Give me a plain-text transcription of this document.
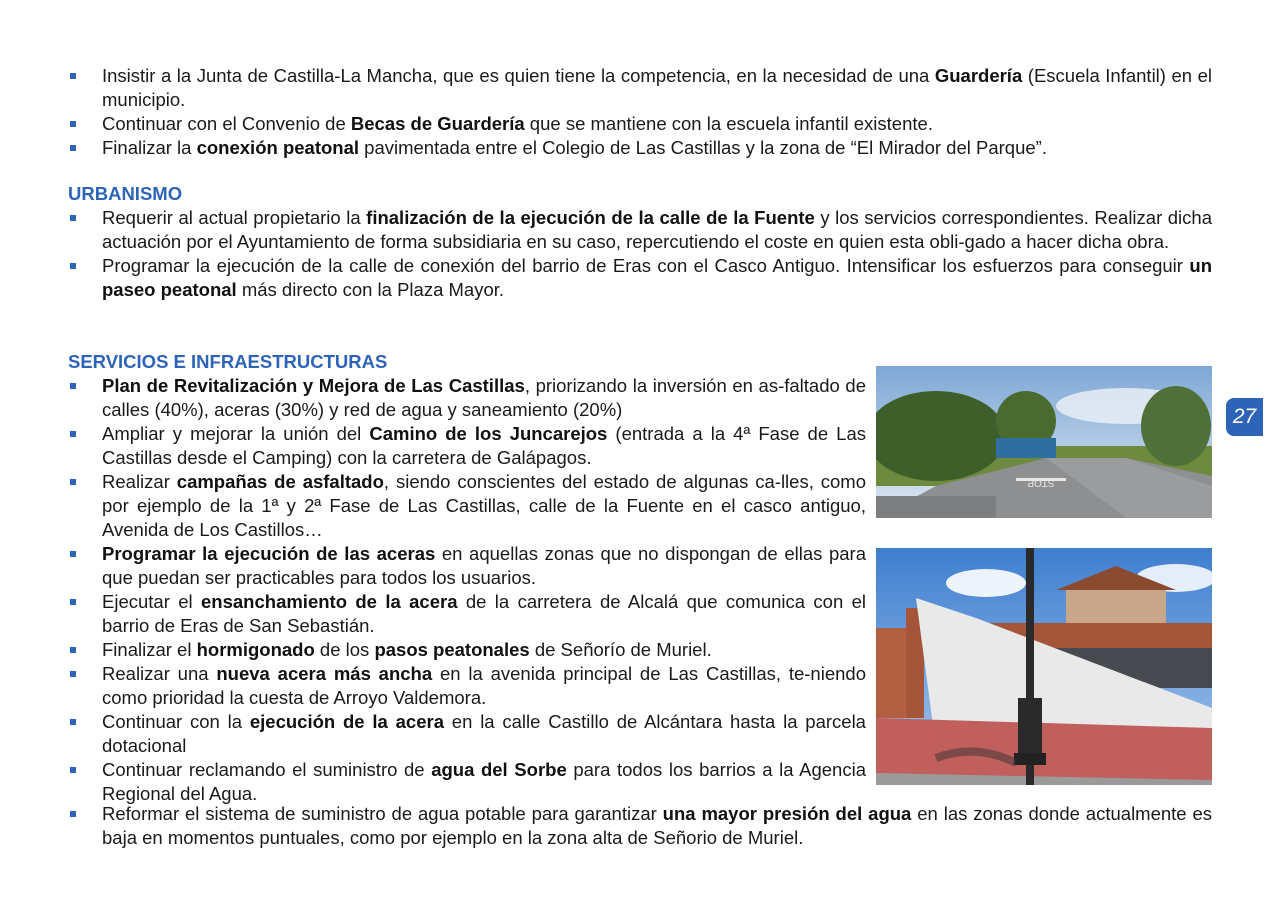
Insistir a la Junta de Castilla-La Mancha, que es quien tiene la competencia, en la necesidad de una Guardería (Escuela Infantil) en el municipio.
Continuar con el Convenio de Becas de Guardería que se mantiene con la escuela infantil existente.
Finalizar la conexión peatonal pavimentada entre el Colegio de Las Castillas y la zona de “El Mirador del Parque”.
URBANISMO
Requerir al actual propietario la finalización de la ejecución de la calle de la Fuente y los servicios correspondientes. Realizar dicha actuación por el Ayuntamiento de forma subsidiaria en su caso, repercutiendo el coste en quien esta obli-gado a hacer dicha obra.
Programar la ejecución de la calle de conexión del barrio de Eras con el Casco Antiguo. Intensificar los esfuerzos para conseguir un paseo peatonal más directo con la Plaza Mayor.
SERVICIOS E INFRAESTRUCTURAS
Plan de Revitalización y Mejora de Las Castillas, priorizando la inversión en as-faltado de calles (40%), aceras (30%) y red de agua y saneamiento (20%)
Ampliar y mejorar la unión del Camino de los Juncarejos (entrada a la 4ª Fase de Las Castillas desde el Camping) con la carretera de Galápagos.
Realizar campañas de asfaltado, siendo conscientes del estado de algunas ca-lles, como por ejemplo de la 1ª y 2ª Fase de Las Castillas, calle de la Fuente en el casco antiguo, Avenida de Los Castillos…
Programar la ejecución de las aceras en aquellas zonas que no dispongan de ellas para que puedan ser practicables para todos los usuarios.
Ejecutar el ensanchamiento de la acera de la carretera de Alcalá que comunica con el barrio de Eras de San Sebastián.
Finalizar el hormigonado de los pasos peatonales de Señorío de Muriel.
Realizar una nueva acera más ancha en la avenida principal de Las Castillas, te-niendo como prioridad la cuesta de Arroyo Valdemora.
Continuar con la ejecución de la acera en la calle Castillo de Alcántara hasta la parcela dotacional
Continuar reclamando el suministro de agua del Sorbe para todos los barrios a la Agencia Regional del Agua.
Reformar el sistema de suministro de agua potable para garantizar una mayor presión del agua en las zonas donde actualmente es baja en momentos puntuales, como por ejemplo en la zona alta de Señorio de Muriel.
STOP
27
